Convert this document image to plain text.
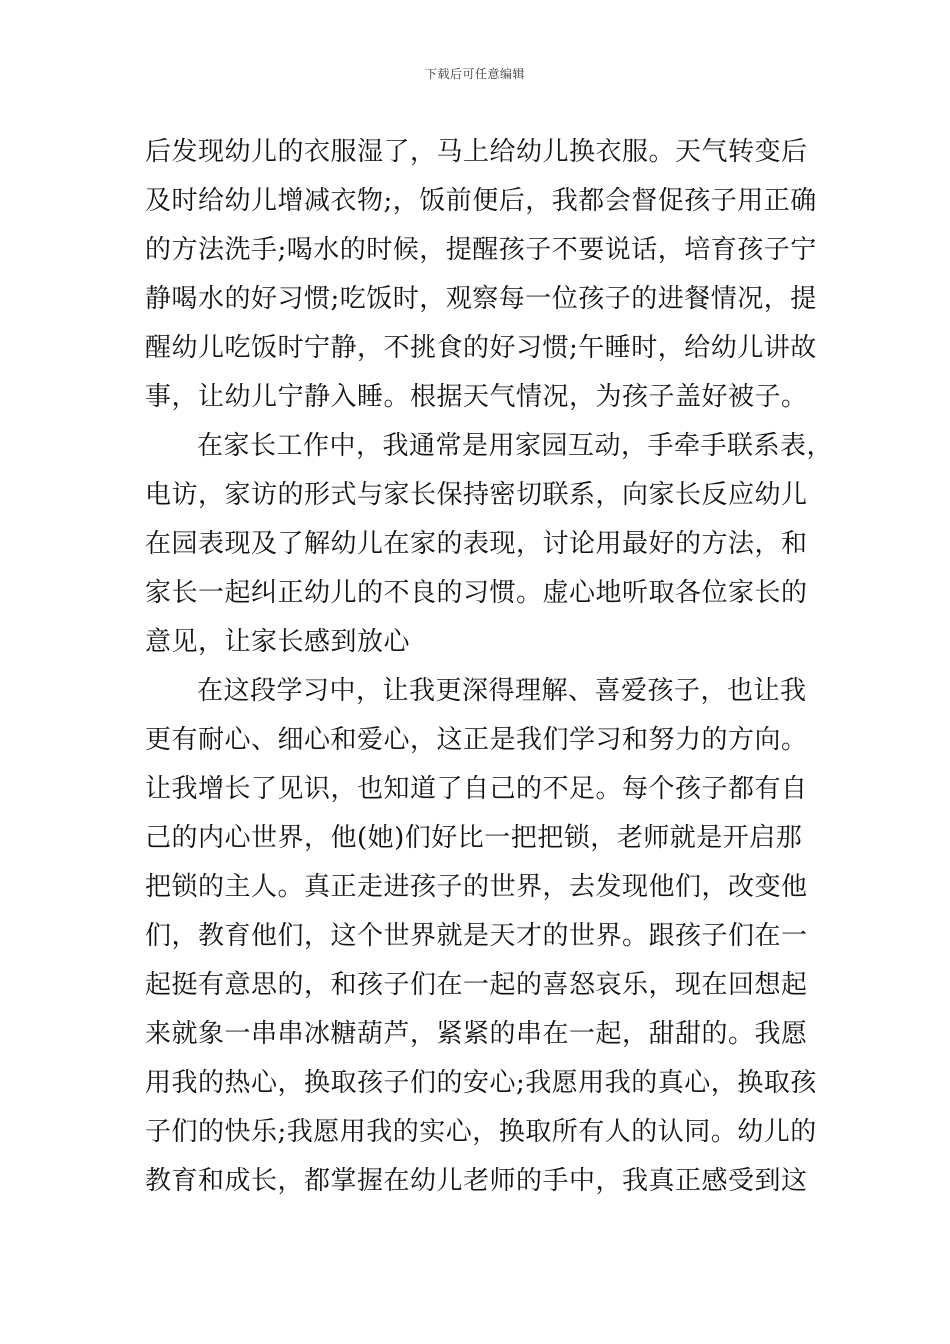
下载后可任意编辑
后发现幼儿的衣服湿了，马上给幼儿换衣服。天气转变后
及时给幼儿增减衣物;，饭前便后，我都会督促孩子用正确
的方法洗手;喝水的时候，提醒孩子不要说话，培育孩子宁
静喝水的好习惯;吃饭时，观察每一位孩子的进餐情况，提
醒幼儿吃饭时宁静，不挑食的好习惯;午睡时，给幼儿讲故
事，让幼儿宁静入睡。根据天气情况，为孩子盖好被子。
在家长工作中，我通常是用家园互动，手牵手联系表，
电访，家访的形式与家长保持密切联系，向家长反应幼儿
在园表现及了解幼儿在家的表现，讨论用最好的方法，和
家长一起纠正幼儿的不良的习惯。虚心地听取各位家长的
意见，让家长感到放心
在这段学习中，让我更深得理解、喜爱孩子，也让我
更有耐心、细心和爱心，这正是我们学习和努力的方向。
让我增长了见识，也知道了自己的不足。每个孩子都有自
己的内心世界，他(她)们好比一把把锁，老师就是开启那
把锁的主人。真正走进孩子的世界，去发现他们，改变他
们，教育他们，这个世界就是天才的世界。跟孩子们在一
起挺有意思的，和孩子们在一起的喜怒哀乐，现在回想起
来就象一串串冰糖葫芦，紧紧的串在一起，甜甜的。我愿
用我的热心，换取孩子们的安心;我愿用我的真心，换取孩
子们的快乐;我愿用我的实心，换取所有人的认同。幼儿的
教育和成长，都掌握在幼儿老师的手中，我真正感受到这
